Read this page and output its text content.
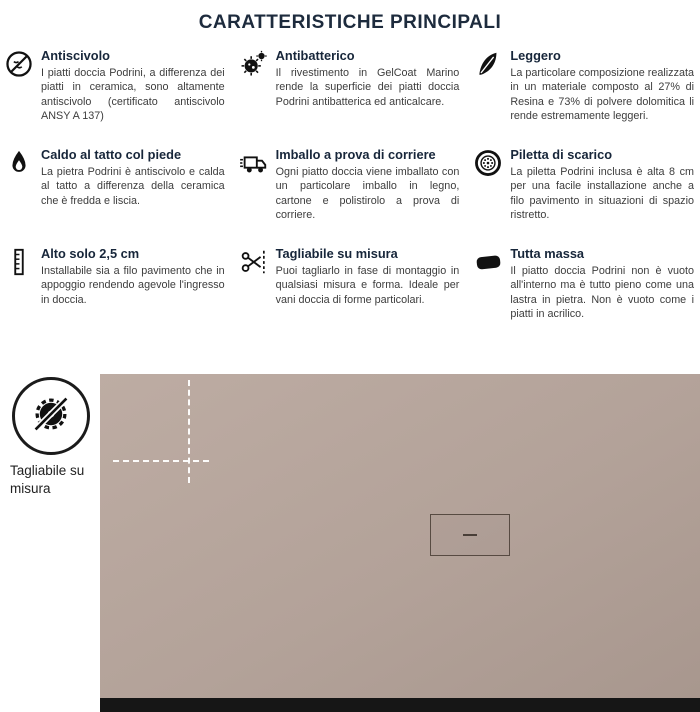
CARATTERISTICHE PRINCIPALI
Antiscivolo

I piatti doccia Podrini, a differenza dei piatti in ceramica, sono altamente antiscivolo (certificato antiscivolo ANSY A 137)

Antibatterico

Il rivestimento in GelCoat Marino rende la superficie dei piatti doccia Podrini antibatterica ed anticalcare.

Leggero

La particolare composizione realizzata in un materiale composto al 27% di Resina e 73% di polvere dolomitica li rende estremamente leggeri.

Caldo al tatto col piede

La pietra Podrini è antiscivolo e calda al tatto a differenza della ceramica che è fredda e liscia.

Imballo a prova di corriere

Ogni piatto doccia viene imballato con un particolare imballo in legno, cartone e polistirolo a prova di corriere.

Piletta di scarico

La piletta Podrini inclusa è alta 8 cm per una facile installazione anche a filo pavimento in situazioni di spazio ristretto.

Alto solo 2,5 cm

Installabile sia a filo pavimento che in appoggio rendendo agevole l'ingresso in doccia.

Tagliabile su misura

Puoi tagliarlo in fase di montaggio in qualsiasi misura e forma. Ideale per vani doccia di forme particolari.

Tutta massa

Il piatto doccia Podrini non è vuoto all'interno ma è tutto pieno come una lastra in pietra. Non è vuoto come i piatti in acrilico.

Tagliabile su misura
